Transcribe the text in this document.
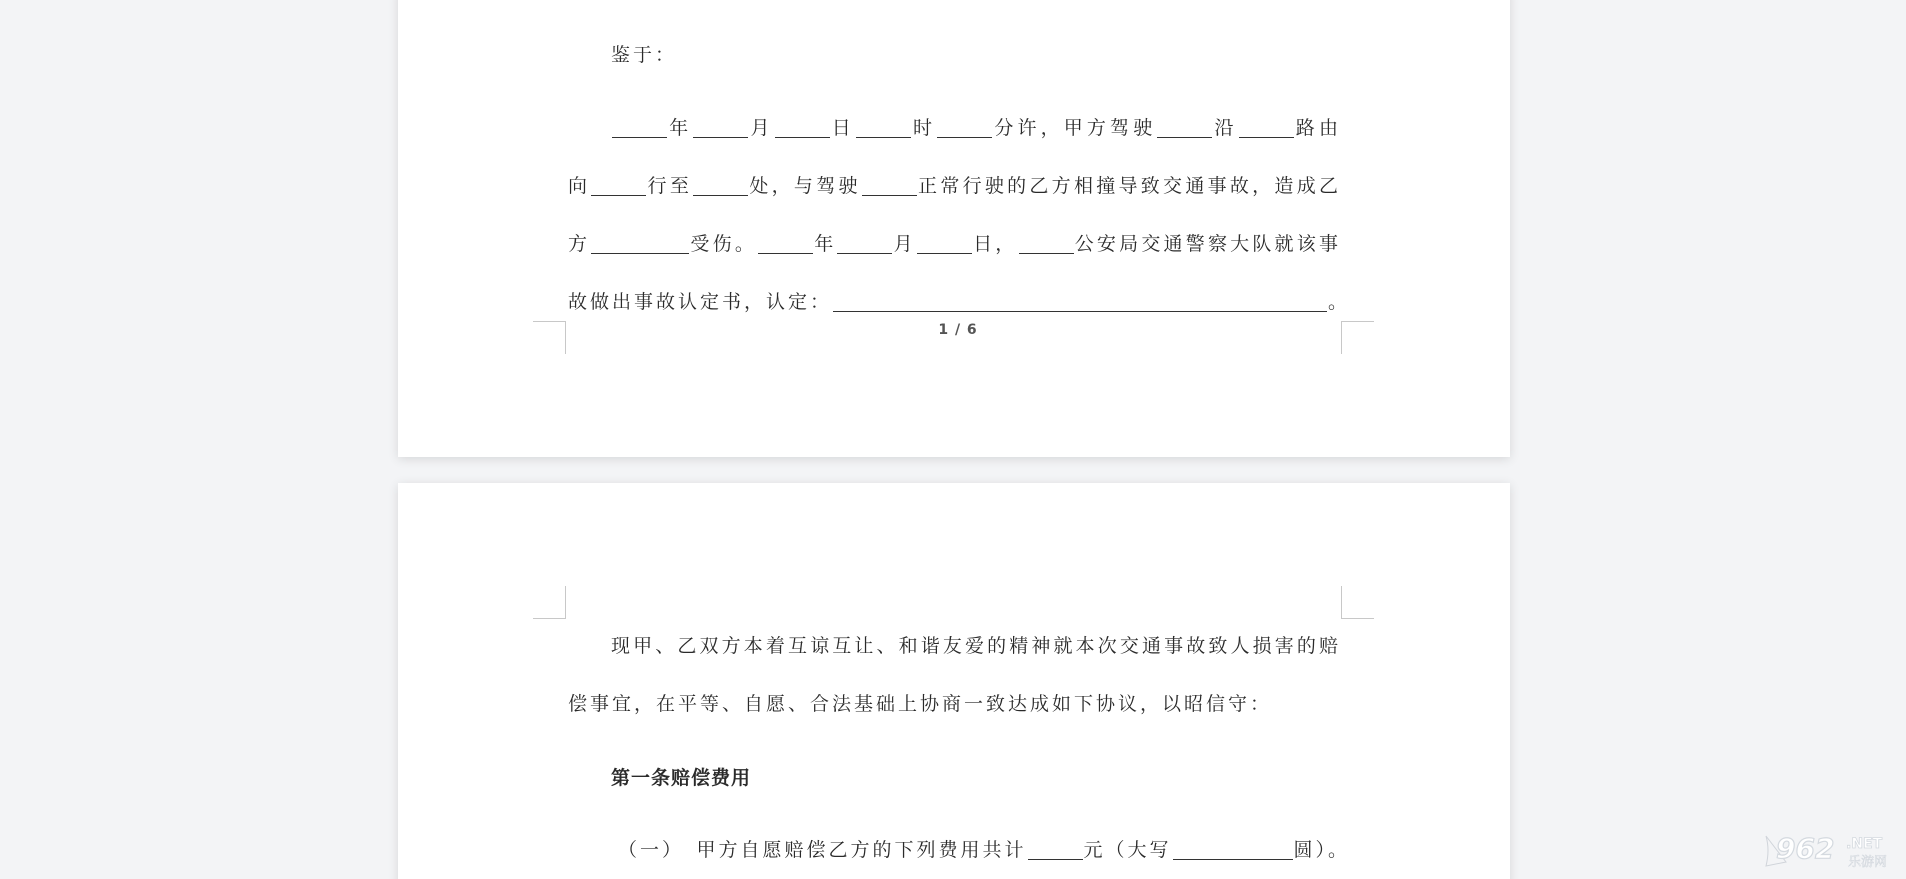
鉴于：
年	月	日	时	分许，甲方驾驶	沿	路由
向	行至	处，与驾驶	正常行驶的乙方相撞导致交通事故，造成乙
方	受伤。	年	月	日，	公安局交通警察大队就该事
故做出事故认定书，认定：	。
1 / 6
现甲、乙双方本着互谅互让、和谐友爱的精神就本次交通事故致人损害的赔
偿事宜，在平等、自愿、合法基础上协商一致达成如下协议，以昭信守：
第一条赔偿费用
（一）　甲方自愿赔偿乙方的下列费用共计	元（大写	圆）。	962 .NET
乐游网
